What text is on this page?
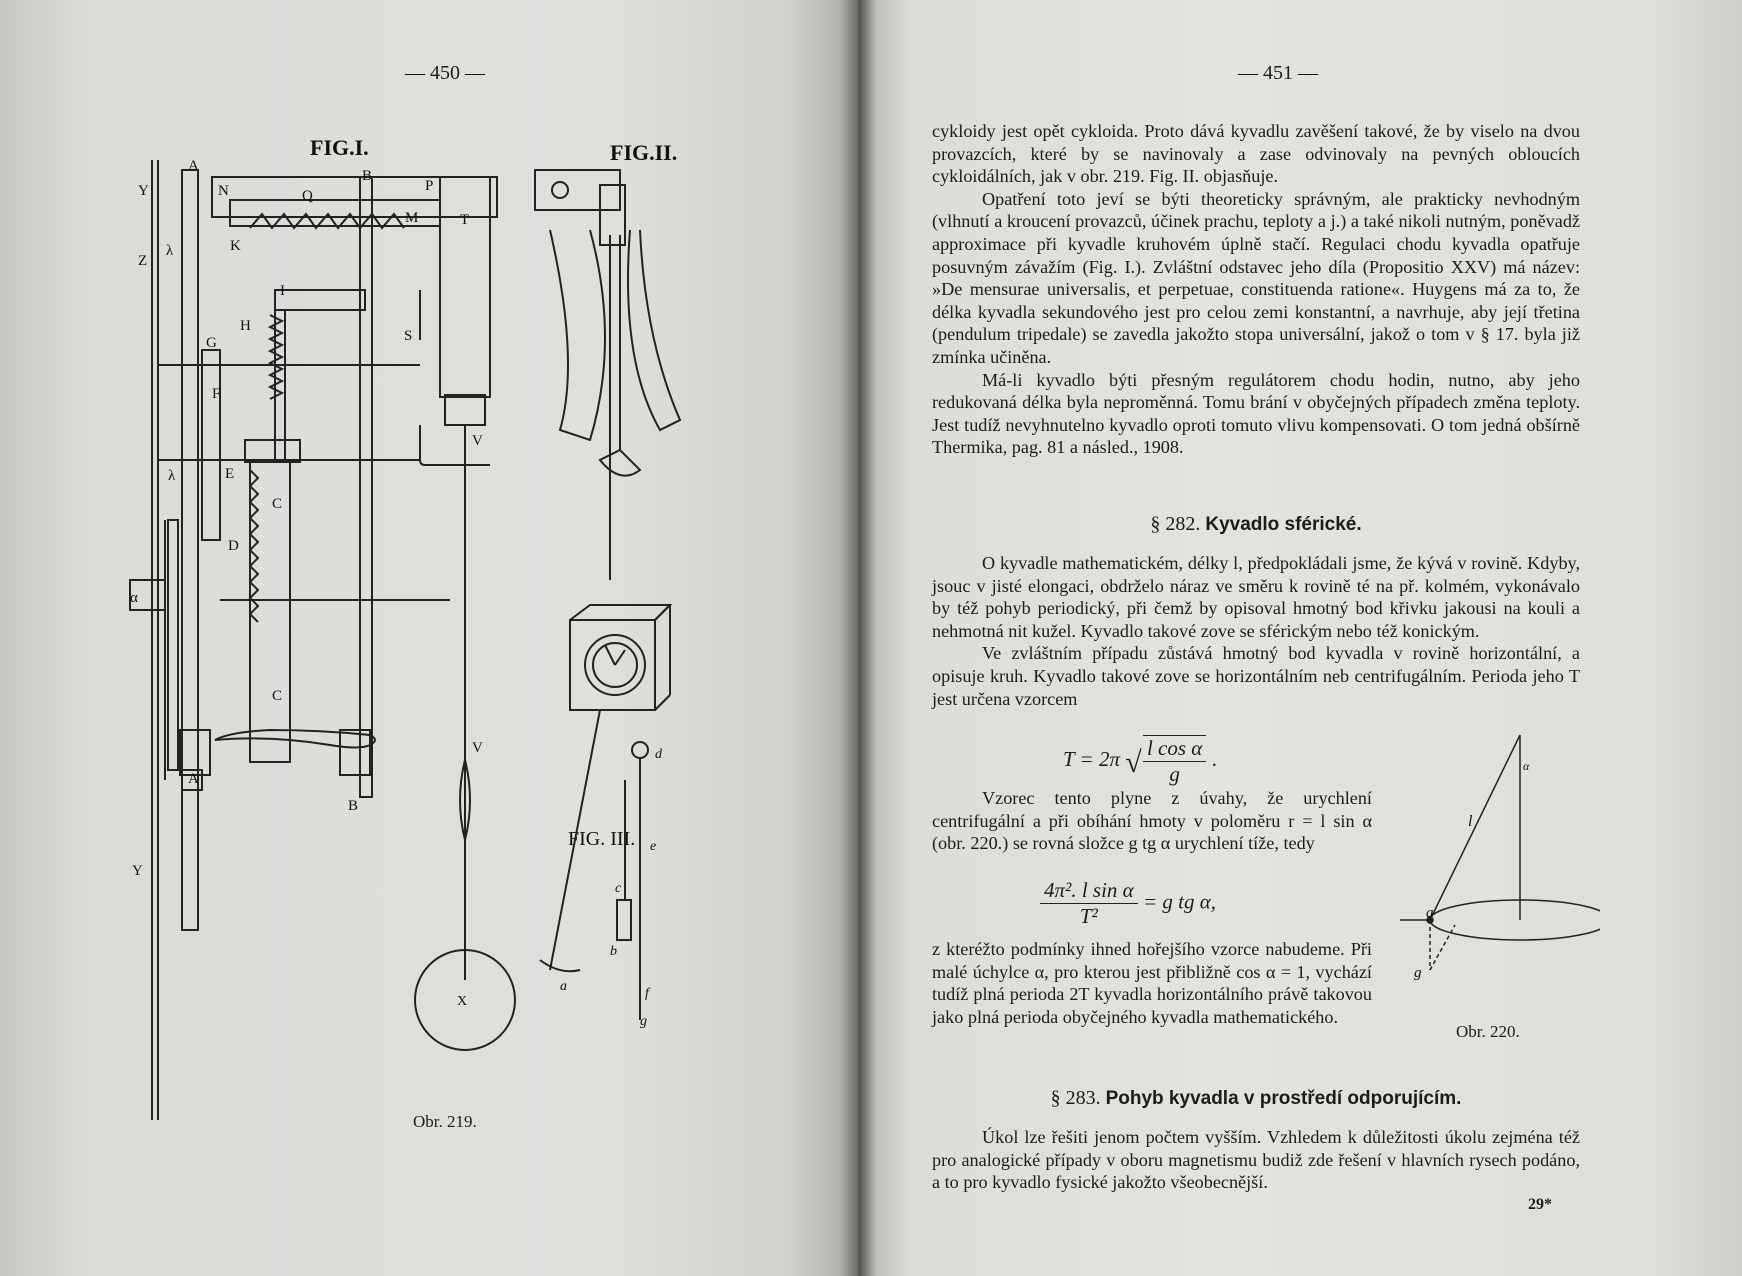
— 450 —
FIG.I.	FIG.II.
FIG. III.
Y
Z
λ
A
N	Q
B
P
M
K
T
H
I
G
F
E
C
D
α
C
A
B
Y
λ
V
V
S
X
d
e
c
b
a	f
g
Obr. 219.
— 451 —

cykloidy jest opět cykloida. Proto dává kyvadlu zavěšení takové, že by viselo na dvou provazcích, které by se navinovaly a zase odvinovaly na pevných obloucích cykloidálních, jak v obr. 219. Fig. II. objasňuje.

Opatření toto jeví se býti theoreticky správným, ale prakticky nevhodným (vlhnutí a kroucení provazců, účinek prachu, teploty a j.) a také nikoli nutným, poněvadž approximace při kyvadle kruhovém úplně stačí. Regulaci chodu kyvadla opatřuje posuvným závažím (Fig. I.). Zvláštní odstavec jeho díla (Propositio XXV) má název: »De mensurae universalis, et perpetuae, constituenda ratione«. Huygens má za to, že délka kyvadla sekundového jest pro celou zemi konstantní, a navrhuje, aby její třetina (pendulum tripedale) se zavedla jakožto stopa universální, jakož o tom v § 17. byla již zmínka učiněna.

Má-li kyvadlo býti přesným regulátorem chodu hodin, nutno, aby jeho redukovaná délka byla neproměnná. Tomu brání v obyčejných případech změna teploty. Jest tudíž nevyhnutelno kyvadlo oproti tomuto vlivu kompensovati. O tom jedná obšírně Thermika, pag. 81 a násled., 1908.

§ 282. Kyvadlo sférické.

O kyvadle mathematickém, délky l, předpokládali jsme, že kývá v rovině. Kdyby, jsouc v jisté elongaci, obdrželo náraz ve směru k rovině té na př. kolmém, vykonávalo by též pohyb periodický, při čemž by opisoval hmotný bod křivku jakousi na kouli a nehmotná nit kužel. Kyvadlo takové zove se sférickým nebo též konickým.

Ve zvláštním případu zůstává hmotný bod kyvadla v rovině horizontální, a opisuje kruh. Kyvadlo takové zove se horizontálním neb centrifugálním. Perioda jeho T jest určena vzorcem

T = 2π √ $\frac{\text{l cos α}}{g}$ .

Vzorec tento plyne z úvahy, že urychlení centrifugální a při obíhání hmoty v poloměru r = l sin α (obr. 220.) se rovná složce g tg α urychlení tíže, tedy

$\frac{\text{4π². l sin α}}{\text{T²}} = g$ tg α,

z kteréžto podmínky ihned hořejšího vzorce nabudeme. Při malé úchylce α, pro kterou jest přibližně cos α = 1, vychází tudíž plná perioda 2T kyvadla horizontálního právě takovou jako plná perioda obyčejného kyvadla mathematického.

α
l
a
g
Obr. 220.
§ 283. Pohyb kyvadla v prostředí odporujícím.

Úkol lze řešiti jenom počtem vyšším. Vzhledem k důležitosti úkolu zejména též pro analogické případy v oboru magnetismu budiž zde řešení v hlavních rysech podáno, a to pro kyvadlo fysické jakožto všeobecnější.

29*
